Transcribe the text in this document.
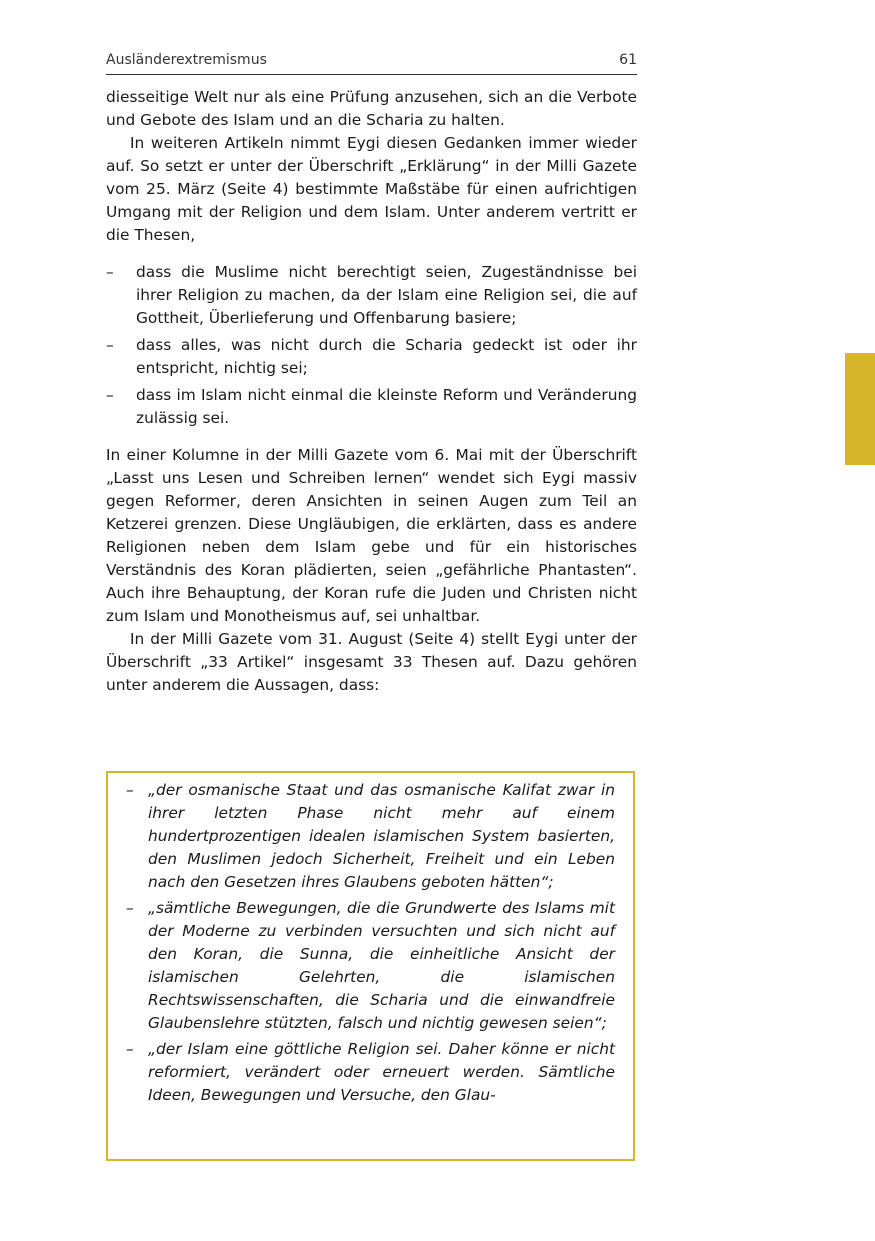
Ausländerextremismus	61

diesseitige Welt nur als eine Prüfung anzusehen, sich an die Verbote und Gebote des Islam und an die Scharia zu halten.

In weiteren Artikeln nimmt Eygi diesen Gedanken immer wieder auf. So setzt er unter der Überschrift „Erklärung“ in der Milli Gazete vom 25. März (Seite 4) bestimmte Maßstäbe für einen aufrichtigen Umgang mit der Religion und dem Islam. Unter anderem vertritt er die Thesen,

– dass die Muslime nicht berechtigt seien, Zugeständnisse bei ihrer Religion zu machen, da der Islam eine Religion sei, die auf Gottheit, Überlieferung und Offenbarung basiere;
– dass alles, was nicht durch die Scharia gedeckt ist oder ihr entspricht, nichtig sei;
– dass im Islam nicht einmal die kleinste Reform und Veränderung zulässig sei.

In einer Kolumne in der Milli Gazete vom 6. Mai mit der Überschrift „Lasst uns Lesen und Schreiben lernen“ wendet sich Eygi massiv gegen Reformer, deren Ansichten in seinen Augen zum Teil an Ketzerei grenzen. Diese Ungläubigen, die erklärten, dass es andere Religionen neben dem Islam gebe und für ein historisches Verständnis des Koran plädierten, seien „gefährliche Phantasten“. Auch ihre Behauptung, der Koran rufe die Juden und Christen nicht zum Islam und Monotheismus auf, sei unhaltbar.

In der Milli Gazete vom 31. August (Seite 4) stellt Eygi unter der Überschrift „33 Artikel“ insgesamt 33 Thesen auf. Dazu gehören unter anderem die Aussagen, dass:

– „der osmanische Staat und das osmanische Kalifat zwar in ihrer letzten Phase nicht mehr auf einem hundertprozentigen idealen islamischen System basierten, den Muslimen jedoch Sicherheit, Freiheit und ein Leben nach den Gesetzen ihres Glaubens geboten hätten“;
– „sämtliche Bewegungen, die die Grundwerte des Islams mit der Moderne zu verbinden versuchten und sich nicht auf den Koran, die Sunna, die einheitliche Ansicht der islamischen Gelehrten, die islamischen Rechtswissenschaften, die Scharia und die einwandfreie Glaubenslehre stützten, falsch und nichtig gewesen seien“;
– „der Islam eine göttliche Religion sei. Daher könne er nicht reformiert, verändert oder erneuert werden. Sämtliche Ideen, Bewegungen und Versuche, den Glau-
